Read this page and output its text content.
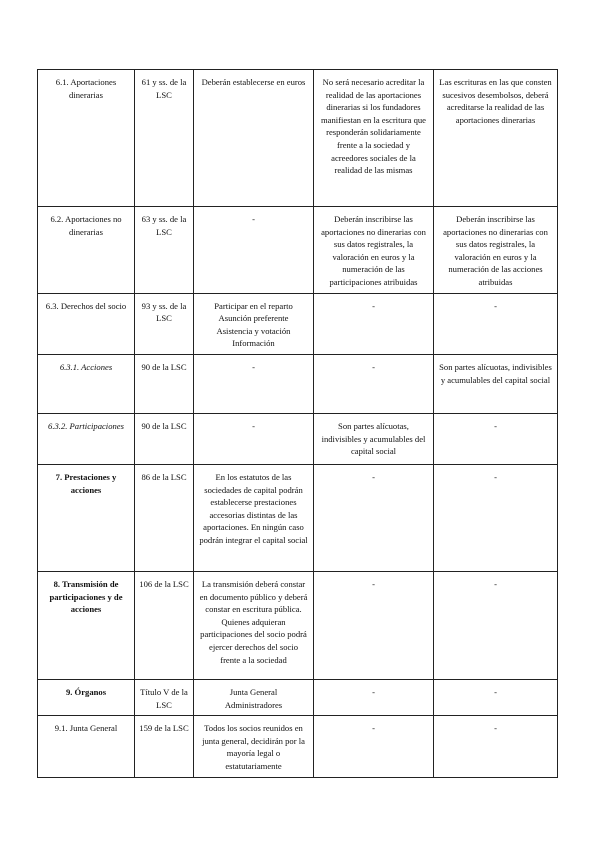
6.1. Aportaciones dinerarias	61 y ss. de la LSC	Deberán establecerse en euros	No será necesario acreditar la realidad de las aportaciones dinerarias si los fundadores manifiestan en la escritura que responderán solidariamente frente a la sociedad y acreedores sociales de la realidad de las mismas	Las escrituras en las que consten sucesivos desembolsos, deberá acreditarse la realidad de las aportaciones dinerarias
6.2. Aportaciones no dinerarias	63 y ss. de la LSC	-	Deberán inscribirse las aportaciones no dinerarias con sus datos registrales, la valoración en euros y la numeración de las participaciones atribuidas	Deberán inscribirse las aportaciones no dinerarias con sus datos registrales, la valoración en euros y la numeración de las acciones atribuidas
6.3. Derechos del socio	93 y ss. de la LSC	Participar en el reparto
Asunción preferente
Asistencia y votación
Información	-	-
6.3.1. Acciones	90 de la LSC	-	-	Son partes alícuotas, indivisibles y acumulables del capital social
6.3.2. Participaciones	90 de la LSC	-	Son partes alícuotas, indivisibles y acumulables del capital social	-
7. Prestaciones y acciones	86 de la LSC	En los estatutos de las sociedades de capital podrán establecerse prestaciones accesorias distintas de las aportaciones. En ningún caso podrán integrar el capital social	-	-
8. Transmisión de participaciones y de acciones	106 de la LSC	La transmisión deberá constar en documento público y deberá constar en escritura pública. Quienes adquieran participaciones del socio podrá ejercer derechos del socio frente a la sociedad	-	-
9. Órganos	Título V de la LSC	Junta General
Administradores	-	-
9.1. Junta General	159 de la LSC	Todos los socios reunidos en junta general, decidirán por la mayoría legal o estatutariamente	-	-
